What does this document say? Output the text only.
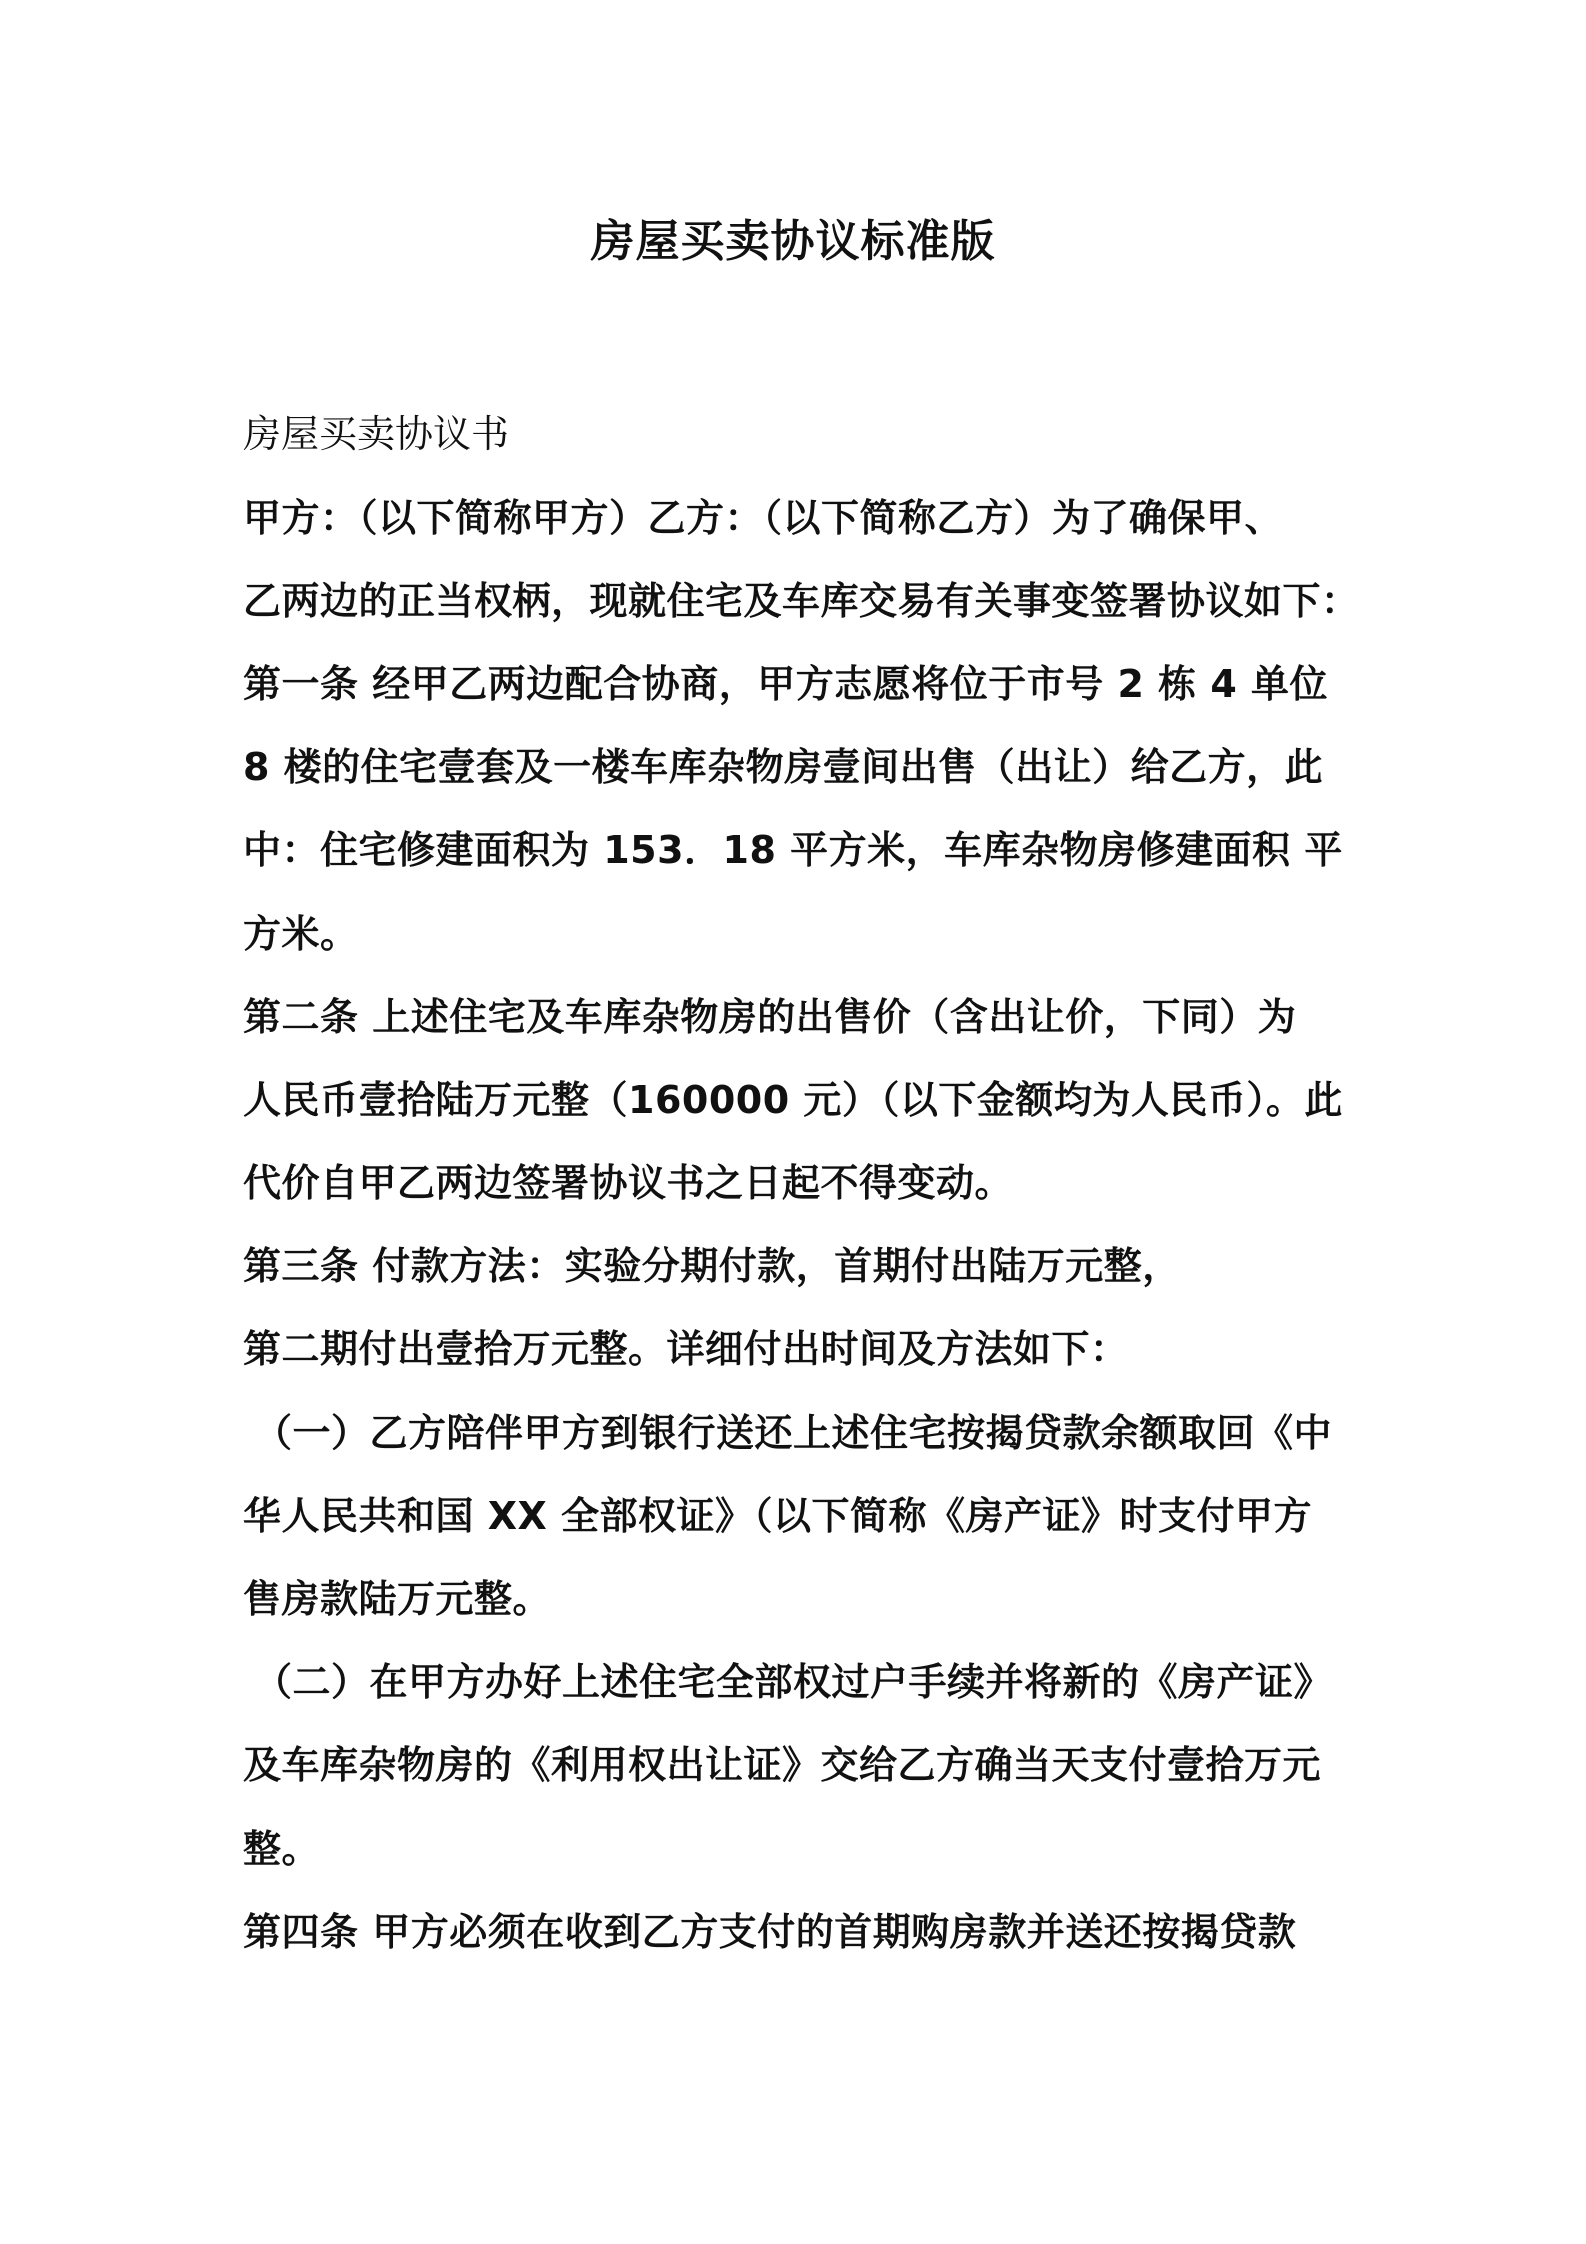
房屋买卖协议标准版
房屋买卖协议书
甲方：（以下简称甲方）乙方：（以下简称乙方）为了确保甲、
乙两边的正当权柄，现就住宅及车库交易有关事变签署协议如下：
第一条 经甲乙两边配合协商，甲方志愿将位于市号 2 栋 4 单位
8 楼的住宅壹套及一楼车库杂物房壹间出售（出让）给乙方，此
中：住宅修建面积为 153．18 平方米，车库杂物房修建面积 平
方米。
第二条 上述住宅及车库杂物房的出售价（含出让价，下同）为
人民币壹拾陆万元整（160000 元）（以下金额均为人民币）。此
代价自甲乙两边签署协议书之日起不得变动。
第三条 付款方法：实验分期付款，首期付出陆万元整，
第二期付出壹拾万元整。详细付出时间及方法如下：
（一）乙方陪伴甲方到银行送还上述住宅按揭贷款余额取回《中
华人民共和国 XX 全部权证》（以下简称《房产证》时支付甲方
售房款陆万元整。
（二）在甲方办好上述住宅全部权过户手续并将新的《房产证》
及车库杂物房的《利用权出让证》交给乙方确当天支付壹拾万元
整。
第四条 甲方必须在收到乙方支付的首期购房款并送还按揭贷款
